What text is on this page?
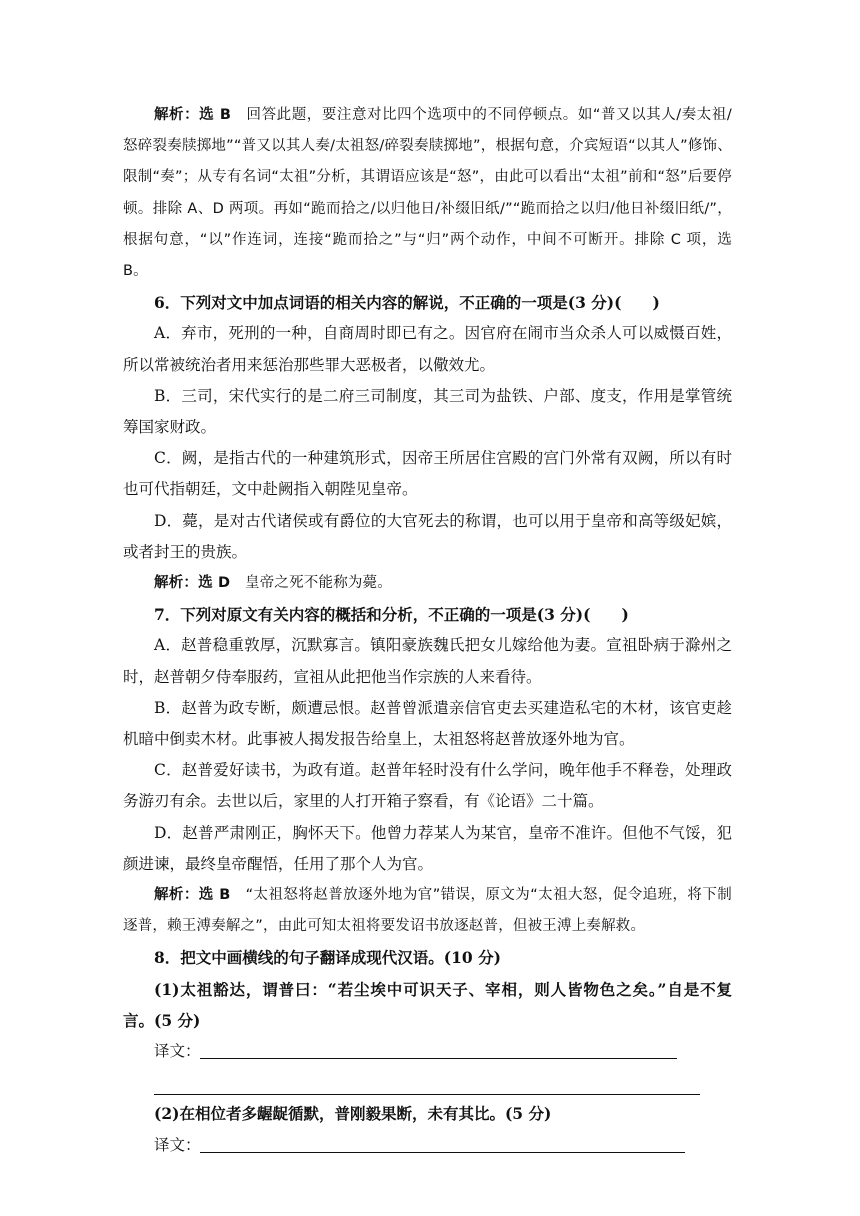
解析：选 B　回答此题，要注意对比四个选项中的不同停顿点。如“普又以其人/奏太祖/怒碎裂奏牍掷地”“普又以其人奏/太祖怒/碎裂奏牍掷地”，根据句意，介宾短语“以其人”修饰、限制“奏”；从专有名词“太祖”分析，其谓语应该是“怒”，由此可以看出“太祖”前和“怒”后要停顿。排除 A、D 两项。再如“跪而拾之/以归他日/补缀旧纸/”“跪而拾之以归/他日补缀旧纸/”，根据句意，“以”作连词，连接“跪而拾之”与“归”两个动作，中间不可断开。排除 C 项，选 B。

6．下列对文中加点词语的相关内容的解说，不正确的一项是(3 分)(　　)

A．弃市，死刑的一种，自商周时即已有之。因官府在闹市当众杀人可以威慑百姓，所以常被统治者用来惩治那些罪大恶极者，以儆效尤。

B．三司，宋代实行的是二府三司制度，其三司为盐铁、户部、度支，作用是掌管统筹国家财政。

C．阙，是指古代的一种建筑形式，因帝王所居住宫殿的宫门外常有双阙，所以有时也可代指朝廷，文中赴阙指入朝陛见皇帝。

D．薨，是对古代诸侯或有爵位的大官死去的称谓，也可以用于皇帝和高等级妃嫔，或者封王的贵族。

解析：选 D　皇帝之死不能称为薨。

7．下列对原文有关内容的概括和分析，不正确的一项是(3 分)(　　)

A．赵普稳重敦厚，沉默寡言。镇阳豪族魏氏把女儿嫁给他为妻。宣祖卧病于滁州之时，赵普朝夕侍奉服药，宣祖从此把他当作宗族的人来看待。

B．赵普为政专断，颇遭忌恨。赵普曾派遣亲信官吏去买建造私宅的木材，该官吏趁机暗中倒卖木材。此事被人揭发报告给皇上，太祖怒将赵普放逐外地为官。

C．赵普爱好读书，为政有道。赵普年轻时没有什么学问，晚年他手不释卷，处理政务游刃有余。去世以后，家里的人打开箱子察看，有《论语》二十篇。

D．赵普严肃刚正，胸怀天下。他曾力荐某人为某官，皇帝不准许。但他不气馁，犯颜进谏，最终皇帝醒悟，任用了那个人为官。

解析：选 B　“太祖怒将赵普放逐外地为官”错误，原文为“太祖大怒，促令追班，将下制逐普，赖王溥奏解之”，由此可知太祖将要发诏书放逐赵普，但被王溥上奏解救。

8．把文中画横线的句子翻译成现代汉语。(10 分)

(1)太祖豁达，谓普曰：“若尘埃中可识天子、宰相，则人皆物色之矣。”自是不复言。(5 分)

译文：

(2)在相位者多龌龊循默，普刚毅果断，未有其比。(5 分)

译文：
